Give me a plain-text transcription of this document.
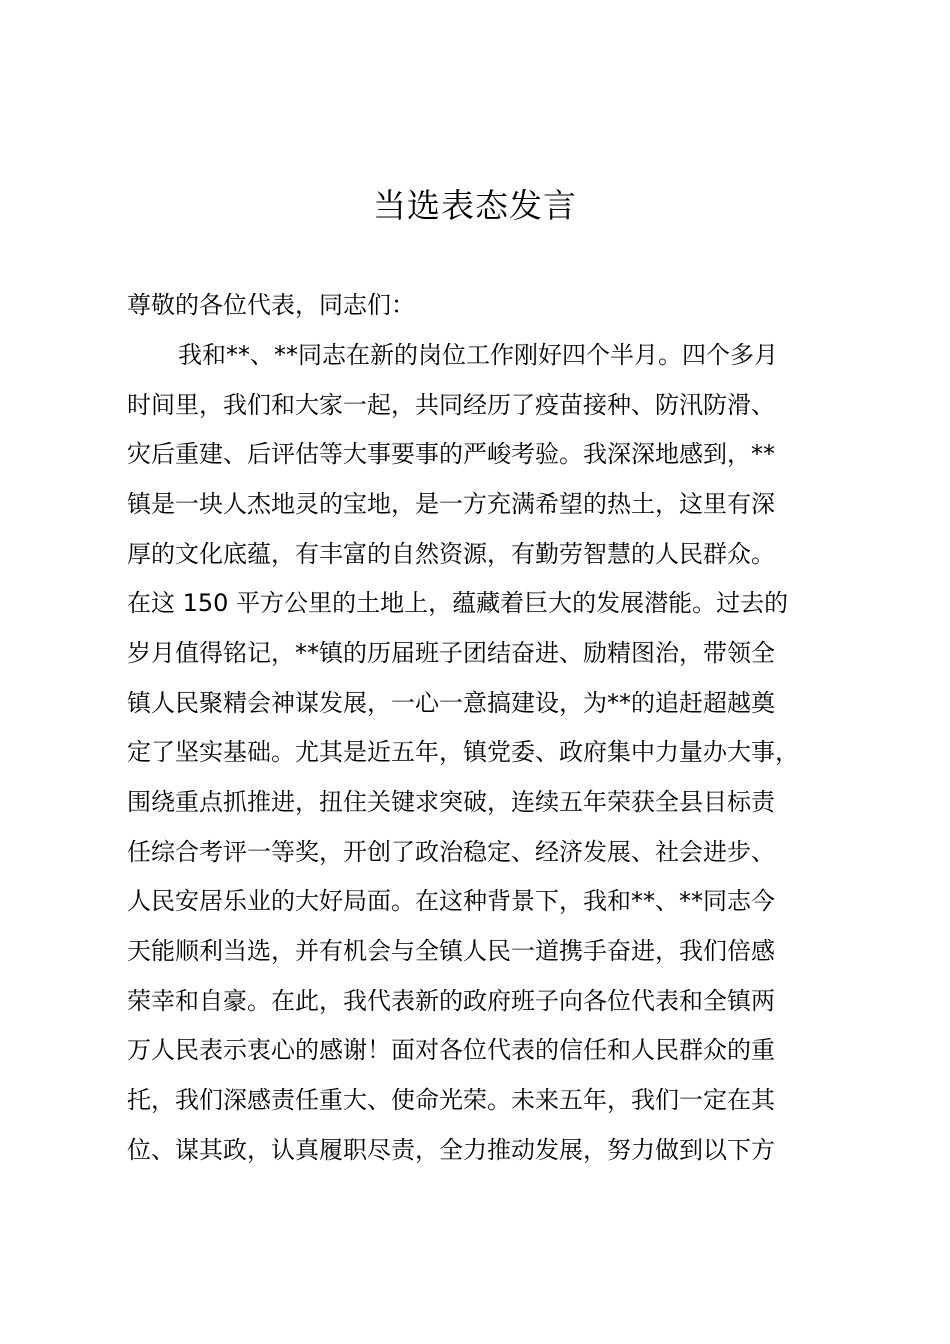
当选表态发言
尊敬的各位代表，同志们：
我和**、**同志在新的岗位工作刚好四个半月。四个多月
时间里，我们和大家一起，共同经历了疫苗接种、防汛防滑、
灾后重建、后评估等大事要事的严峻考验。我深深地感到，**
镇是一块人杰地灵的宝地，是一方充满希望的热土，这里有深
厚的文化底蕴，有丰富的自然资源，有勤劳智慧的人民群众。
在这 150 平方公里的土地上，蕴藏着巨大的发展潜能。过去的
岁月值得铭记，**镇的历届班子团结奋进、励精图治，带领全
镇人民聚精会神谋发展，一心一意搞建设，为**的追赶超越奠
定了坚实基础。尤其是近五年，镇党委、政府集中力量办大事，
围绕重点抓推进，扭住关键求突破，连续五年荣获全县目标责
任综合考评一等奖，开创了政治稳定、经济发展、社会进步、
人民安居乐业的大好局面。在这种背景下，我和**、**同志今
天能顺利当选，并有机会与全镇人民一道携手奋进，我们倍感
荣幸和自豪。在此，我代表新的政府班子向各位代表和全镇两
万人民表示衷心的感谢！面对各位代表的信任和人民群众的重
托，我们深感责任重大、使命光荣。未来五年，我们一定在其
位、谋其政，认真履职尽责，全力推动发展，努力做到以下方
